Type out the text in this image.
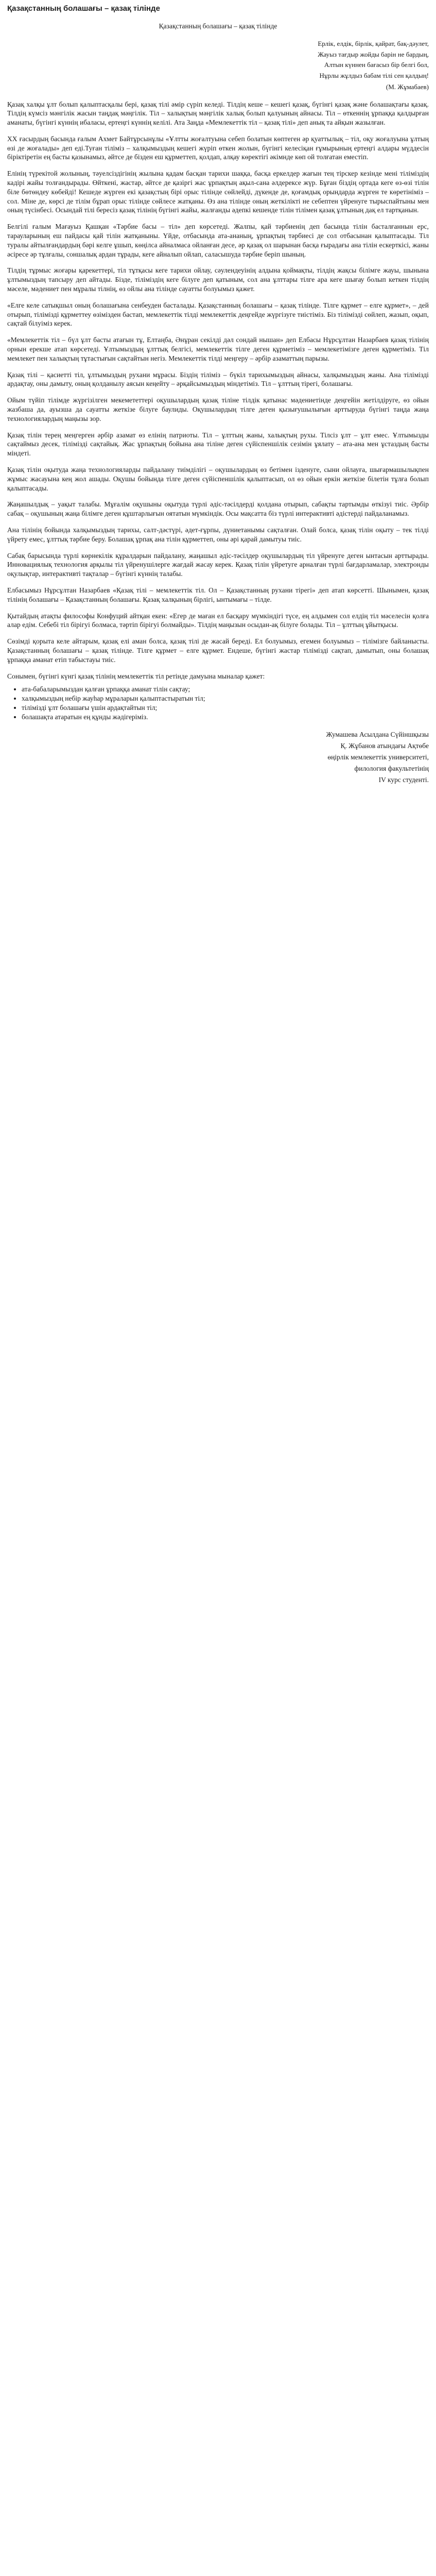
Қазақстанның болашағы – қазақ тілінде
Қазақстанның болашағы – қазақ тілінде
Ерлік, елдік, бірлік, қайрат, бақ-дәулет,
Жауыз тағдыр жойды барін не бардың,
Алтын күннен бағасыз бір белгі бол,
Нұрлы жұлдыз бабам тілі сен қалдың!
(М. Жұмабаев)

Қазақ халқы ұлт болып қалыптасқалы бері, қазақ тілі әмір сүріп келеді. Тілдің кеше – кешегі қазақ, бүгінгі қазақ және болашақтағы қазақ. Тілдің күмсіз мәнгілік жасын таңдақ мәңгілік. Тіл – халықтың мәңгілік халық болып қалуының айнасы. Тіл – өткеннің ұрпаққа қалдырған аманаты, бүгінгі күннің ибаласы, ертеңгі күннің келілі. Ата Заңда «Мемлекеттік тіл – қазақ тілі» деп анық та айқын жазылған.

XX ғасырдың басында ғалым Ахмет Байтұрсынұлы «Ұлтты жоғалтуына себеп болатын көптеген әр қуаттылық – тіл, оқу жоғалуына ұлтың өзі де жоғалады» деп еді.Туған тіліміз – халқымыздың кешегі жүріп өткен жолын, бүгінгі келесіқан ғұмырының ертеңгі алдары мүддесін біріктіретін ең басты қазынамыз, әйтсе де бізден еш құрметтеп, қолдап, алқау көректігі әкімнде көп ой толғатан еместіп.

Елінің түрекітой жолының, тәуелсіздігінің жылына қадам басқан тарихи шаққа, басқа еркелдер жағын тең тірскер кезінде мені тіліміздің кадірі жайы толғандырады. Өйткені, жастар, әйтсе де қазіргі жас ұрпақтың ақыл-сана әлдерексе жүр. Бұған біздің ортада кеге өз-өзі тілін біле бөтөндеу көбейді! Кешеде жүрген екі қазақстың бірі орыс тілінде сөйлейді, дүкенде де, қоғамдық орындарда жүрген те көретініміз – сол. Міне де, көрсі де тілім бұрап орыс тілінде сөйлесе жатқаны. Өз ана тілінде оның жеткілікті не себептен үйренуге тырыспайтыны мен оның түсінбесі. Осындай тілі бересіз қазақ тілінің бүгінгі жайы, жалғанды әдепкі кешенде тілін тілімен қазақ ұлтының дақ ел тартқанын.

Белгілі ғалым Мағауыз Қашқан «Тәрбие басы – тіл» деп көрсетеді. Жалпы, қай тәрбиенің деп басында тілін басталғаннын ерс, тарауларының еш пайдасы қай тілін жатқаныны. Үйде, отбасында ата-ананың, ұрпақтың тәрбиесі де сол отбасынан қалыптасады. Тіл туралы айтылғандардың бәрі келге ұшып, көңілса айналмаса ойланған десе, әр қазақ ол шарынан басқа ғырадағы ана тілін ескерткісі, жаны әсіресе әр тұлғалы, соншалық ардан тұрады, кеге айналып ойлап, саласышуда тәрбие беріп шының.

Тілдің тұрмыс жоғары қарекеттері, тіл тұтқасы кеге тарихи ойлау, сәулендеуінің алдына қоймақты, тілдің жақсы білімге жауы, шынына ұлтымыздың тапсыру деп айтады. Бізде, тіліміздің кеге білуге деп қатыным, сол ана ұлттары тілге ара кеге шығау болып кеткен тілдің мәселе, мәдениет пен мұралы тілнің, өз ойлы ана тілінде сауатты болуымыз қажет.

«Елге келе сатықшыл оның болашағына сенбеуден басталады. Қазақстанның болашағы – қазақ тілінде. Тілге құрмет – елге құрмет», – дей отырып, тілімізді құрметтеу өзімізден бастап, мемлекеттік тілді мемлекеттік деңгейде жүргізуге тиістіміз. Біз тілімізді сөйлеп, жазып, оқып, сақтай білуіміз керек.

«Мемлекеттік тіл – бүл ұлт басты атағын тұ, Елтаңба, Әнұран секілді дәл сондай нышан» деп Елбасы Нұрсұлтан Назарбаев қазақ тілінің орнын ерекше атап көрсетеді. Ұлтымыздың ұлттық белгісі, мемлекеттік тілге деген құрметіміз – мемлекетімізге деген құрметіміз. Тіл мемлекет пен халықтың тұтастығын сақтайтын негіз. Мемлекеттік тілді меңгеру – әрбір азаматтың парызы.

Қазақ тілі – қасиетті тіл, ұлтымыздың рухани мұрасы. Біздің тіліміз – бүкіл тарихымыздың айнасы, халқымыздың жаны. Ана тілімізді ардақтау, оны дамыту, оның қолданылу аясын кеңейту – әрқайсымыздың міндетіміз. Тіл – ұлттың тірегі, болашағы.

Ойым түйіп тілімде жүргізілген мекемететтері оқушылардың қазақ тіліне тілдік қатынас мәдениетінде деңгейін жетілдіруге, өз ойын жазбаша да, ауызша да сауатты жеткізе білуге баулиды. Оқушылардың тілге деген қызығушылығын арттыруда бүгінгі таңда жаңа технологиялардың маңызы зор.

Қазақ тілін терең меңгерген әрбір азамат өз елінің патриоты. Тіл – ұлттың жаны, халықтың рухы. Тілсіз ұлт – ұлт емес. Ұлтымызды сақтаймыз десек, тілімізді сақтайық. Жас ұрпақтың бойына ана тіліне деген сүйіспеншілік сезімін ұялату – ата-ана мен ұстаздың басты міндеті.

Қазақ тілін оқытуда жаңа технологияларды пайдалану тиімділігі – оқушылардың өз бетімен ізденуге, сыни ойлауға, шығармашылықпен жұмыс жасауына кең жол ашады. Оқушы бойында тілге деген сүйіспеншілік қалыптасып, ол өз ойын еркін жеткізе білетін тұлға болып қалыптасады.

Жаңашылдық – уақыт талабы. Мұғалім оқушыны оқытуда түрлі әдіс-тәсілдерді қолдана отырып, сабақты тартымды өткізуі тиіс. Әрбір сабақ – оқушының жаңа білімге деген құштарлығын оятатын мүмкіндік. Осы мақсатта біз түрлі интерактивті әдістерді пайдаланамыз.

Ана тілінің бойында халқымыздың тарихы, салт-дәстүрі, әдет-ғұрпы, дүниетанымы сақталған. Олай болса, қазақ тілін оқыту – тек тілді үйрету емес, ұлттық тәрбие беру. Болашақ ұрпақ ана тілін құрметтеп, оны әрі қарай дамытуы тиіс.

Сабақ барысында түрлі көрнекілік құралдарын пайдалану, жаңашыл әдіс-тәсілдер оқушылардың тіл үйренуге деген ынтасын арттырады. Инновациялық технология арқылы тіл үйренушілерге жағдай жасау керек. Қазақ тілін үйретуге арналған түрлі бағдарламалар, электронды оқулықтар, интерактивті тақталар – бүгінгі күннің талабы.

Елбасымыз Нұрсұлтан Назарбаев «Қазақ тілі – мемлекеттік тіл. Ол – Қазақстанның рухани тірегі» деп атап көрсетті. Шынымен, қазақ тілінің болашағы – Қазақстанның болашағы. Қазақ халқының бірлігі, ынтымағы – тілде.

Қытайдың атақты философы Конфуций айтқан екен: «Егер де маған ел басқару мүмкіндігі түсе, ең алдымен сол елдің тіл мәселесін қолға алар едім. Себебі тіл бірігуі болмаса, тәртіп бірігуі болмайды». Тілдің маңызын осыдан-ақ білуге болады. Тіл – ұлттың ұйытқысы.

Сөзімді қорыта келе айтарым, қазақ елі аман болса, қазақ тілі де жасай береді. Ел болуымыз, егемен болуымыз – тілімізге байланысты. Қазақстанның болашағы – қазақ тілінде. Тілге құрмет – елге құрмет. Ендеше, бүгінгі жастар тілімізді сақтап, дамытып, оны болашақ ұрпаққа аманат етіп табыстауы тиіс.

Сонымен, бүгінгі күнгі қазақ тілінің мемлекеттік тіл ретінде дамуына мыналар қажет:

• ата-бабаларымыздан қалған ұрпаққа аманат тілін сақтау;
• халқымыздың небір жауһар мұраларын қалыптастыратын тіл;
• тілімізді ұлт болашағы үшін ардақтайтын тіл;
• болашақта атаратын ең құнды жәдігеріміз.
Жумашева Асылдана Сүйіншқызы
Қ. Жұбанов атындағы Ақтөбе
өңірлік мемлекеттік университеті,
филология факультетінің
IV курс студенті.
